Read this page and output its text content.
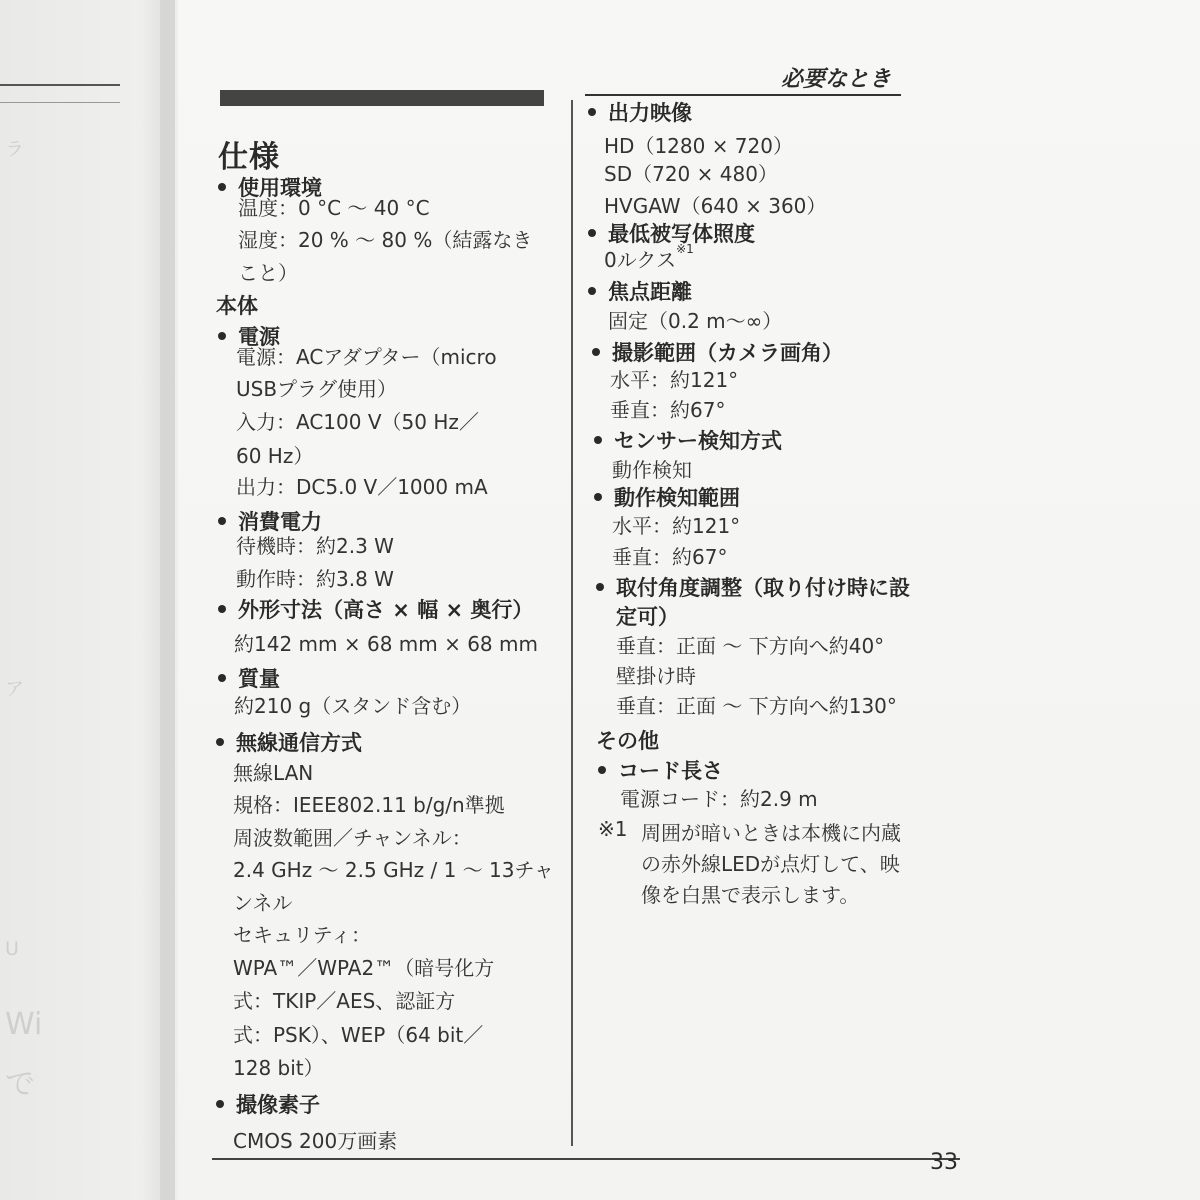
ラ
ア
U
Wi
で
必要なとき
仕様
使用環境
温度：0 °C ～ 40 °C
湿度：20 % ～ 80 %（結露なき
こと）
本体
電源
電源：ACアダプター（micro
USBプラグ使用）
入力：AC100 V（50 Hz／
60 Hz）
出力：DC5.0 V／1000 mA
消費電力
待機時：約2.3 W
動作時：約3.8 W
外形寸法（高さ × 幅 × 奥行）
約142 mm × 68 mm × 68 mm
質量
約210 g（スタンド含む）
無線通信方式
無線LAN
規格：IEEE802.11 b/g/n準拠
周波数範囲／チャンネル：
2.4 GHz ～ 2.5 GHz / 1 ～ 13チャ
ンネル
セキュリティ：
WPA™／WPA2™（暗号化方
式：TKIP／AES、認証方
式：PSK）、WEP（64 bit／
128 bit）
撮像素子
CMOS 200万画素
出力映像
HD（1280 × 720）
SD（720 × 480）
HVGAW（640 × 360）
最低被写体照度
0ルクス$^{※1}$
焦点距離
固定（0.2 m～∞）
撮影範囲（カメラ画角）
水平：約121°
垂直：約67°
センサー検知方式
動作検知
動作検知範囲
水平：約121°
垂直：約67°
取付角度調整（取り付け時に設
定可）
垂直：正面 ～ 下方向へ約40°
壁掛け時
垂直：正面 ～ 下方向へ約130°
その他
コード長さ
電源コード：約2.9 m
※1 周囲が暗いときは本機に内蔵
の赤外線LEDが点灯して、映
像を白黒で表示します。
33
